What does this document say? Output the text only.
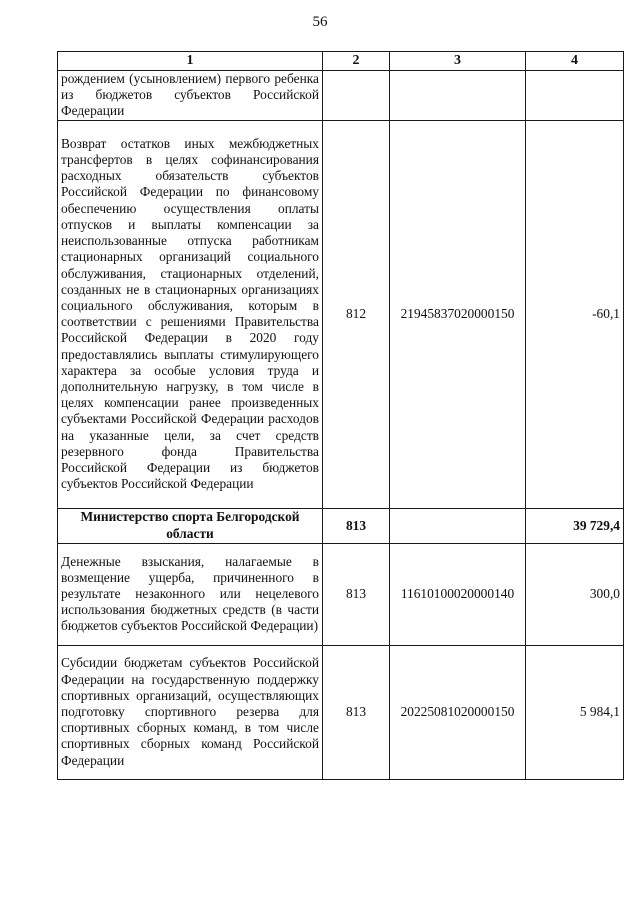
56
1	2	3	4
рождением (усыновлением) первого ребенка из бюджетов субъектов Российской Федерации			
Возврат остатков иных межбюджетных трансфертов в целях софинансирования расходных обязательств субъектов Российской Федерации по финансовому обеспечению осуществления оплаты отпусков и выплаты компенсации за неиспользованные отпуска работникам стационарных организаций социального обслуживания, стационарных отделений, созданных не в стационарных организациях социального обслуживания, которым в соответствии с решениями Правительства Российской Федерации в 2020 году предоставлялись выплаты стимулирующего характера за особые условия труда и дополнительную нагрузку, в том числе в целях компенсации ранее произведенных субъектами Российской Федерации расходов на указанные цели, за счет средств резервного фонда Правительства Российской Федерации из бюджетов субъектов Российской Федерации	812	21945837020000150	-60,1
Министерство спорта Белгородской области	813		39 729,4
Денежные взыскания, налагаемые в возмещение ущерба, причиненного в результате незаконного или нецелевого использования бюджетных средств (в части бюджетов субъектов Российской Федерации)	813	11610100020000140	300,0
Субсидии бюджетам субъектов Российской Федерации на государственную поддержку спортивных организаций, осуществляющих подготовку спортивного резерва для спортивных сборных команд, в том числе спортивных сборных команд Российской Федерации	813	20225081020000150	5 984,1
